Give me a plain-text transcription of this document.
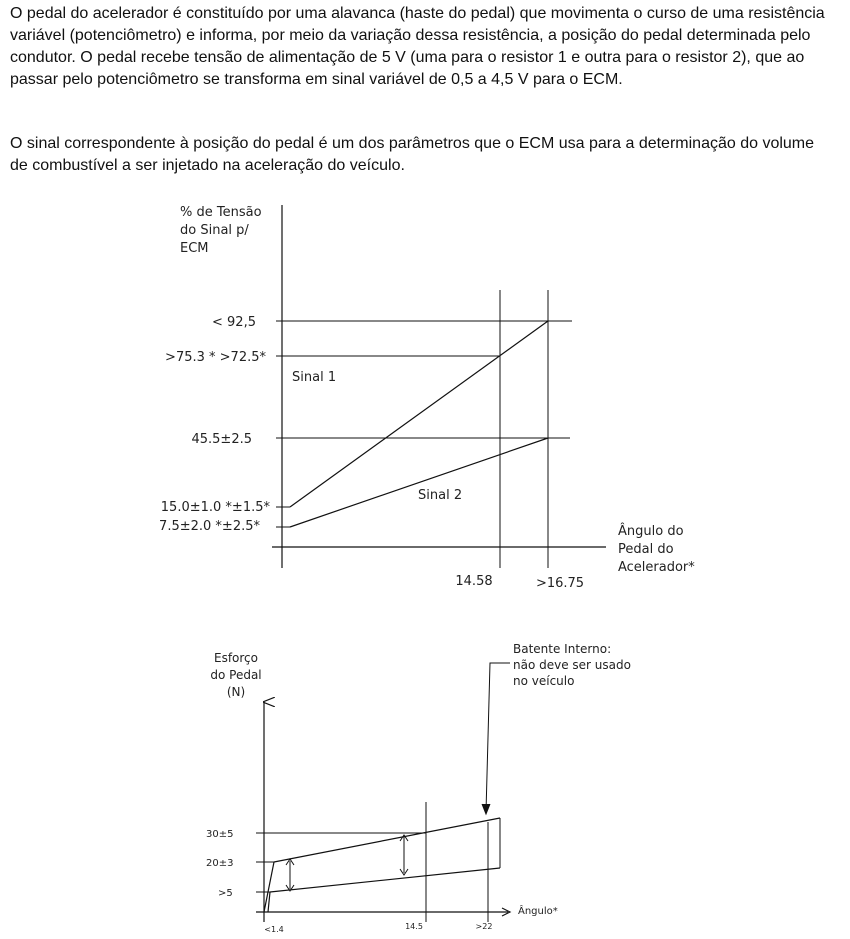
O pedal do acelerador é constituído por uma alavanca (haste do pedal) que movimenta o curso de uma resistência variável (potenciômetro) e informa, por meio da variação dessa resistência, a posição do pedal determinada pelo condutor. O pedal recebe tensão de alimentação de 5 V (uma para o resistor 1 e outra para o resistor 2), que ao passar pelo potenciômetro se transforma em sinal variável de 0,5 a 4,5 V para o ECM.
O sinal correspondente à posição do pedal é um dos parâmetros que o ECM usa para a determinação do volume de combustível a ser injetado na aceleração do veículo.
% de Tensão
do Sinal p/
ECM
< 92,5
>75.3 * >72.5*
45.5±2.5
15.0±1.0 *±1.5*
7.5±2.0 *±2.5*
Sinal 1
Sinal 2
Ângulo do
Pedal do
Acelerador*
14.58	>16.75
Esforço
do Pedal
(N)
30±5
20±3
>5
<1.4	14.5	>22
Ângulo*
Batente Interno:
não deve ser usado
no veículo
